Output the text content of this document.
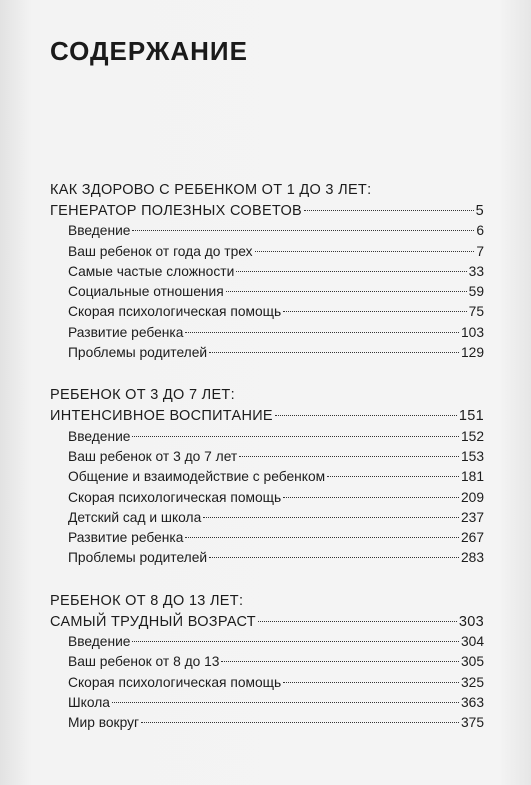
СОДЕРЖАНИЕ
КАК ЗДОРОВО С РЕБЕНКОМ ОТ 1 ДО 3 ЛЕТ:
ГЕНЕРАТОР ПОЛЕЗНЫХ СОВЕТОВ	5
Введение	6
Ваш ребенок от года до трех	7
Самые частые сложности	33
Социальные отношения	59
Скорая психологическая помощь	75
Развитие ребенка	103
Проблемы родителей	129
РЕБЕНОК ОТ 3 ДО 7 ЛЕТ:
ИНТЕНСИВНОЕ ВОСПИТАНИЕ	151
Введение	152
Ваш ребенок от 3 до 7 лет	153
Общение и взаимодействие с ребенком	181
Скорая психологическая помощь	209
Детский сад и школа	237
Развитие ребенка	267
Проблемы родителей	283
РЕБЕНОК ОТ 8 ДО 13 ЛЕТ:
САМЫЙ ТРУДНЫЙ ВОЗРАСТ	303
Введение	304
Ваш ребенок от 8 до 13	305
Скорая психологическая помощь	325
Школа	363
Мир вокруг	375
